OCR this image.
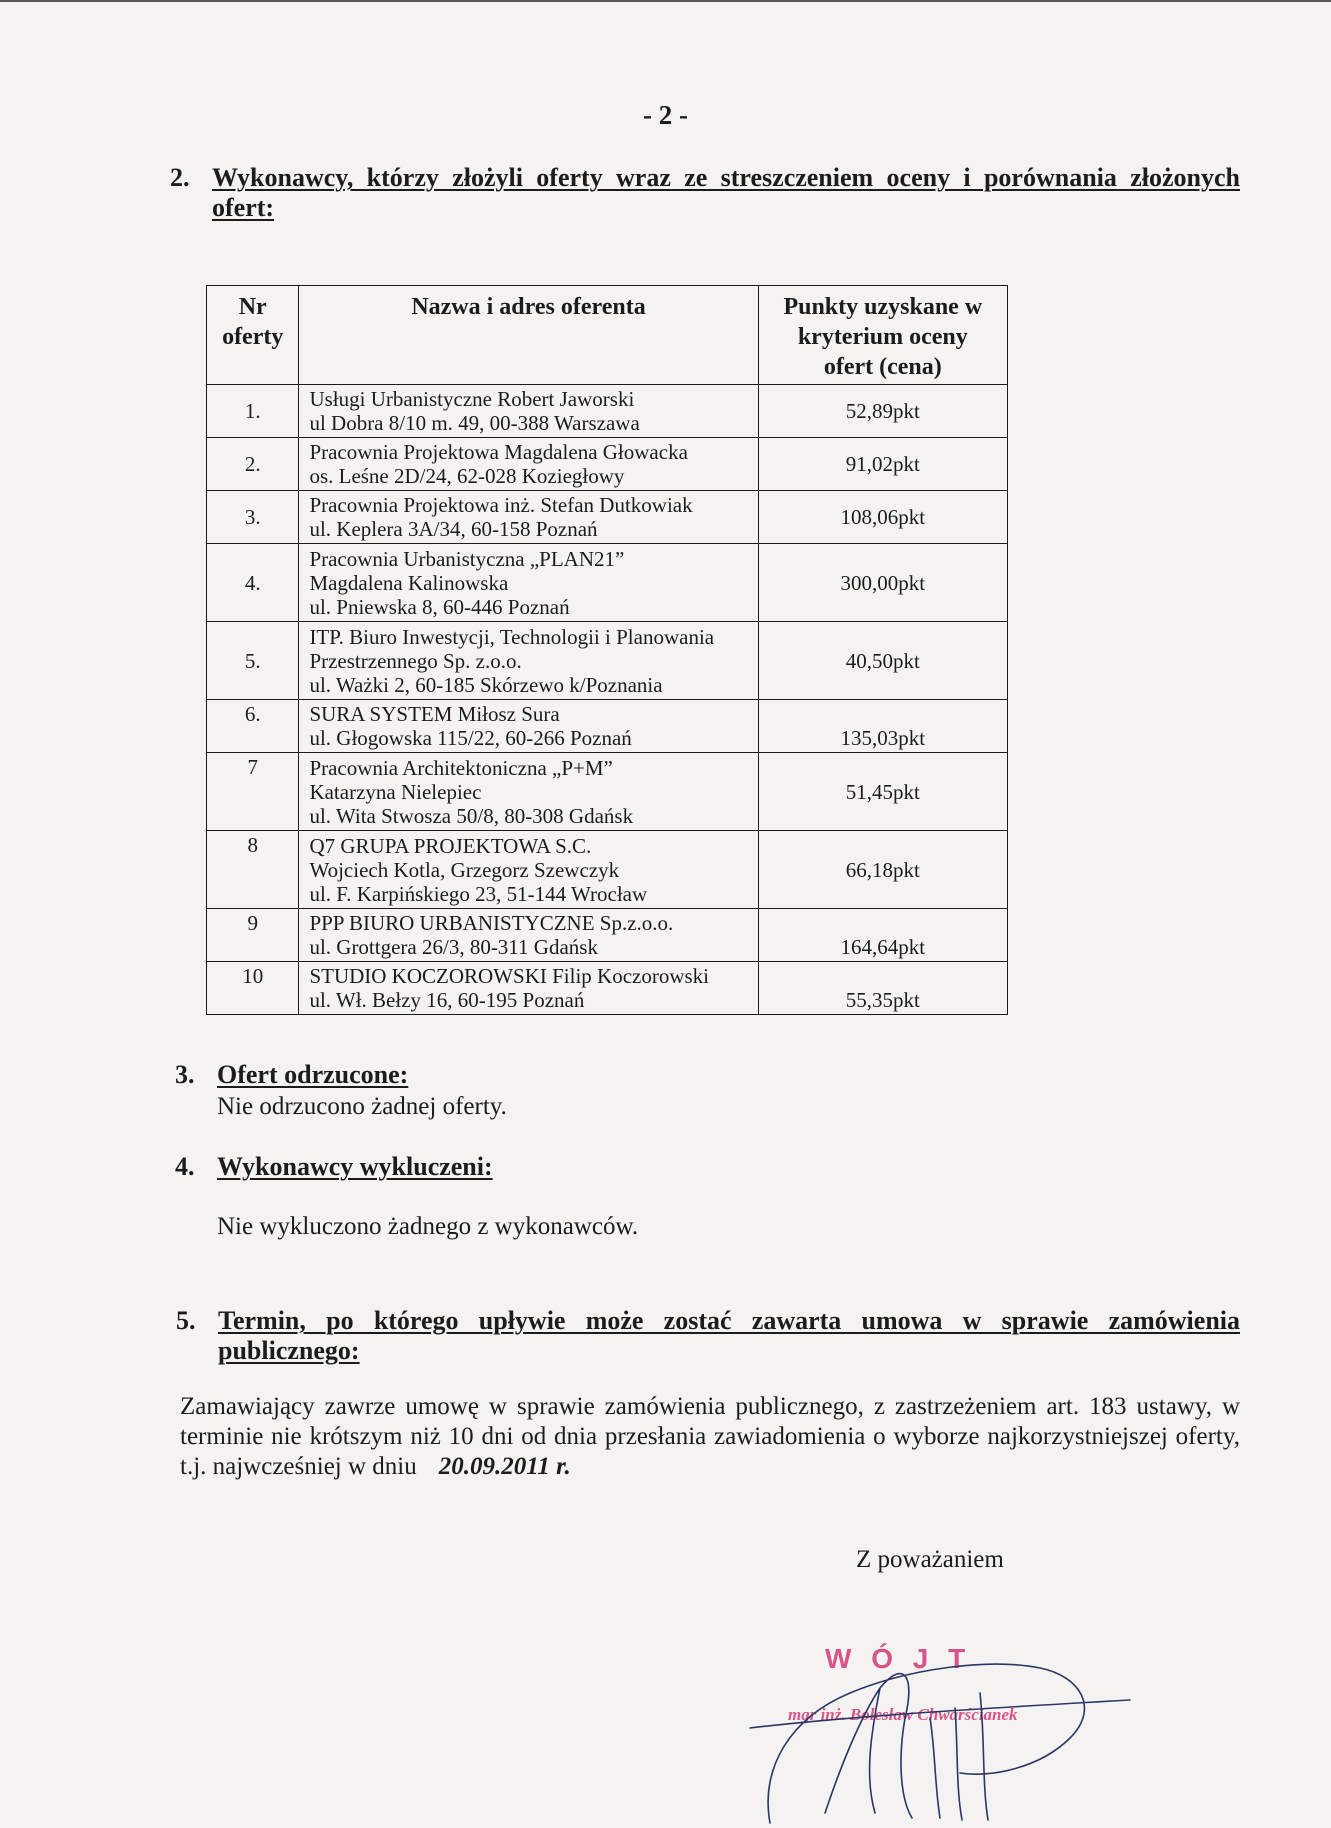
- 2 -
2. Wykonawcy, którzy złożyli oferty wraz ze streszczeniem oceny i porównania złożonych ofert:
Nr
oferty	Nazwa i adres oferenta	Punkty uzyskane w
kryterium oceny
ofert (cena)

1.	Usługi Urbanistyczne Robert Jaworski
ul Dobra 8/10 m. 49, 00-388 Warszawa	52,89pkt
2.	Pracownia Projektowa Magdalena Głowacka
os. Leśne 2D/24, 62-028 Koziegłowy	91,02pkt
3.	Pracownia Projektowa inż. Stefan Dutkowiak
ul. Keplera 3A/34, 60-158 Poznań	108,06pkt
4.	Pracownia Urbanistyczna „PLAN21”
Magdalena Kalinowska
ul. Pniewska 8, 60-446 Poznań	300,00pkt
5.	ITP. Biuro Inwestycji, Technologii i Planowania
Przestrzennego Sp. z.o.o.
ul. Ważki 2, 60-185 Skórzewo k/Poznania	40,50pkt
6.	SURA SYSTEM Miłosz Sura
ul. Głogowska 115/22, 60-266 Poznań	135,03pkt
7	Pracownia Architektoniczna „P+M”
Katarzyna Nielepiec
ul. Wita Stwosza 50/8, 80-308 Gdańsk	51,45pkt
8	Q7 GRUPA PROJEKTOWA S.C.
Wojciech Kotla, Grzegorz Szewczyk
ul. F. Karpińskiego 23, 51-144 Wrocław	66,18pkt
9	PPP BIURO URBANISTYCZNE Sp.z.o.o.
ul. Grottgera 26/3, 80-311 Gdańsk	164,64pkt
10	STUDIO KOCZOROWSKI Filip Koczorowski
ul. Wł. Bełzy 16, 60-195 Poznań	55,35pkt
3. Ofert odrzucone:
Nie odrzucono żadnej oferty.
4. Wykonawcy wykluczeni:
Nie wykluczono żadnego z wykonawców.
5. Termin, po którego upływie może zostać zawarta umowa w sprawie zamówienia publicznego:
Zamawiający zawrze umowę w sprawie zamówienia publicznego, z zastrzeżeniem art. 183 ustawy, w terminie nie krótszym niż 10 dni od dnia przesłania zawiadomienia o wyborze najkorzystniejszej oferty, t.j. najwcześniej w dniu 20.09.2011 r.
Z poważaniem
W Ó J T
mgr inż. Bolesław Chwarścianek
